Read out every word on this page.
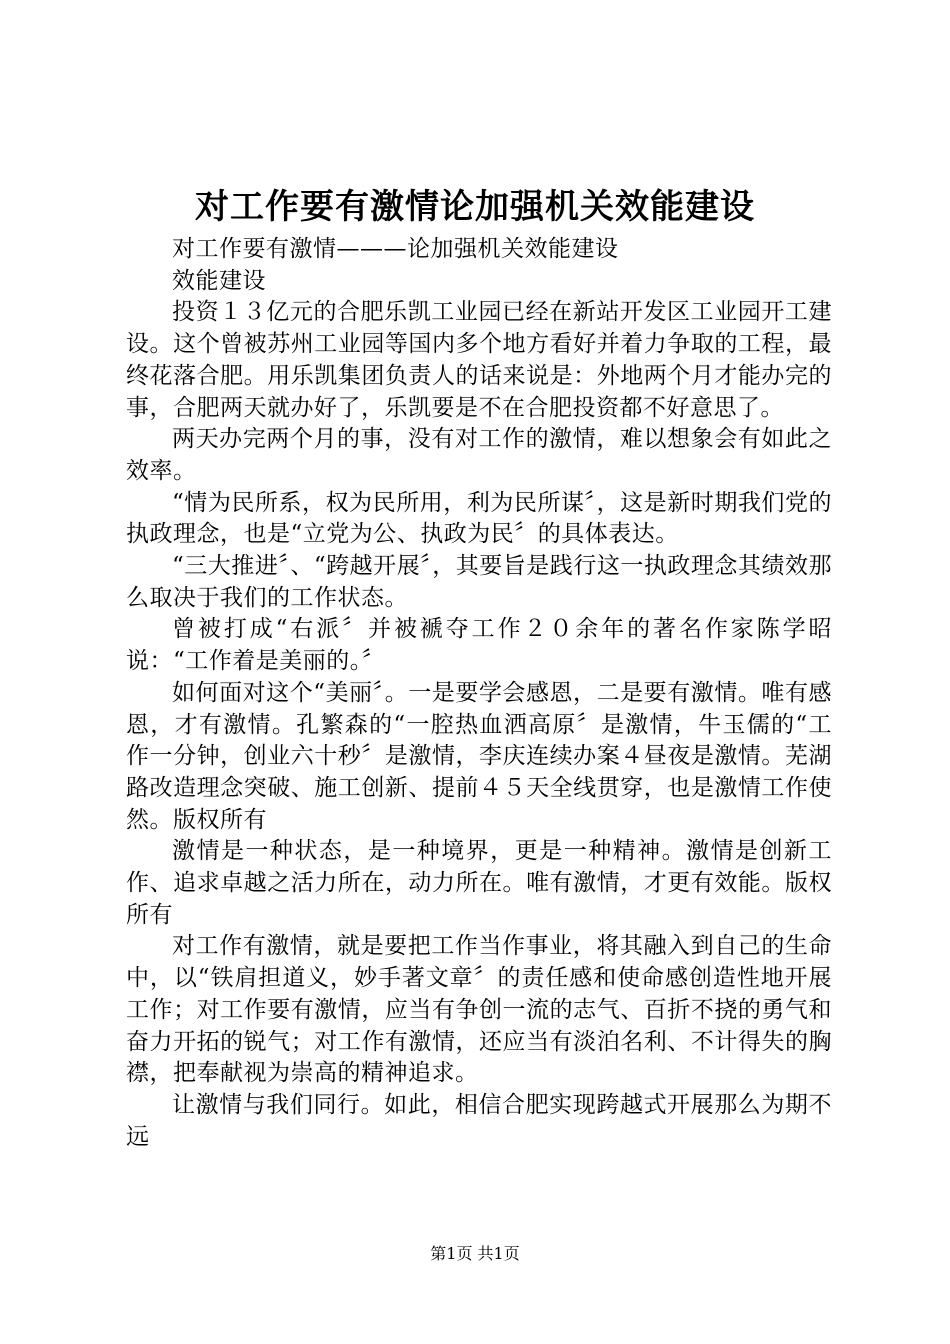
对工作要有激情论加强机关效能建设

对工作要有激情———论加强机关效能建设

效能建设

投资１３亿元的合肥乐凯工业园已经在新站开发区工业园开工建设。这个曾被苏州工业园等国内多个地方看好并着力争取的工程，最终花落合肥。用乐凯集团负责人的话来说是：外地两个月才能办完的事，合肥两天就办好了，乐凯要是不在合肥投资都不好意思了。

两天办完两个月的事，没有对工作的激情，难以想象会有如此之效率。

“情为民所系，权为民所用，利为民所谋〞，这是新时期我们党的执政理念，也是“立党为公、执政为民〞的具体表达。

“三大推进〞、“跨越开展〞，其要旨是践行这一执政理念其绩效那么取决于我们的工作状态。

曾被打成“右派〞并被褫夺工作２０余年的著名作家陈学昭说：“工作着是美丽的。〞

如何面对这个“美丽〞。一是要学会感恩，二是要有激情。唯有感恩，才有激情。孔繁森的“一腔热血洒高原〞是激情，牛玉儒的“工作一分钟，创业六十秒〞是激情，李庆连续办案４昼夜是激情。芜湖路改造理念突破、施工创新、提前４５天全线贯穿，也是激情工作使然。版权所有

激情是一种状态，是一种境界，更是一种精神。激情是创新工作、追求卓越之活力所在，动力所在。唯有激情，才更有效能。版权所有

对工作有激情，就是要把工作当作事业，将其融入到自己的生命中，以“铁肩担道义，妙手著文章〞的责任感和使命感创造性地开展工作；对工作要有激情，应当有争创一流的志气、百折不挠的勇气和奋力开拓的锐气；对工作有激情，还应当有淡泊名利、不计得失的胸襟，把奉献视为崇高的精神追求。

让激情与我们同行。如此，相信合肥实现跨越式开展那么为期不远

第1页 共1页
